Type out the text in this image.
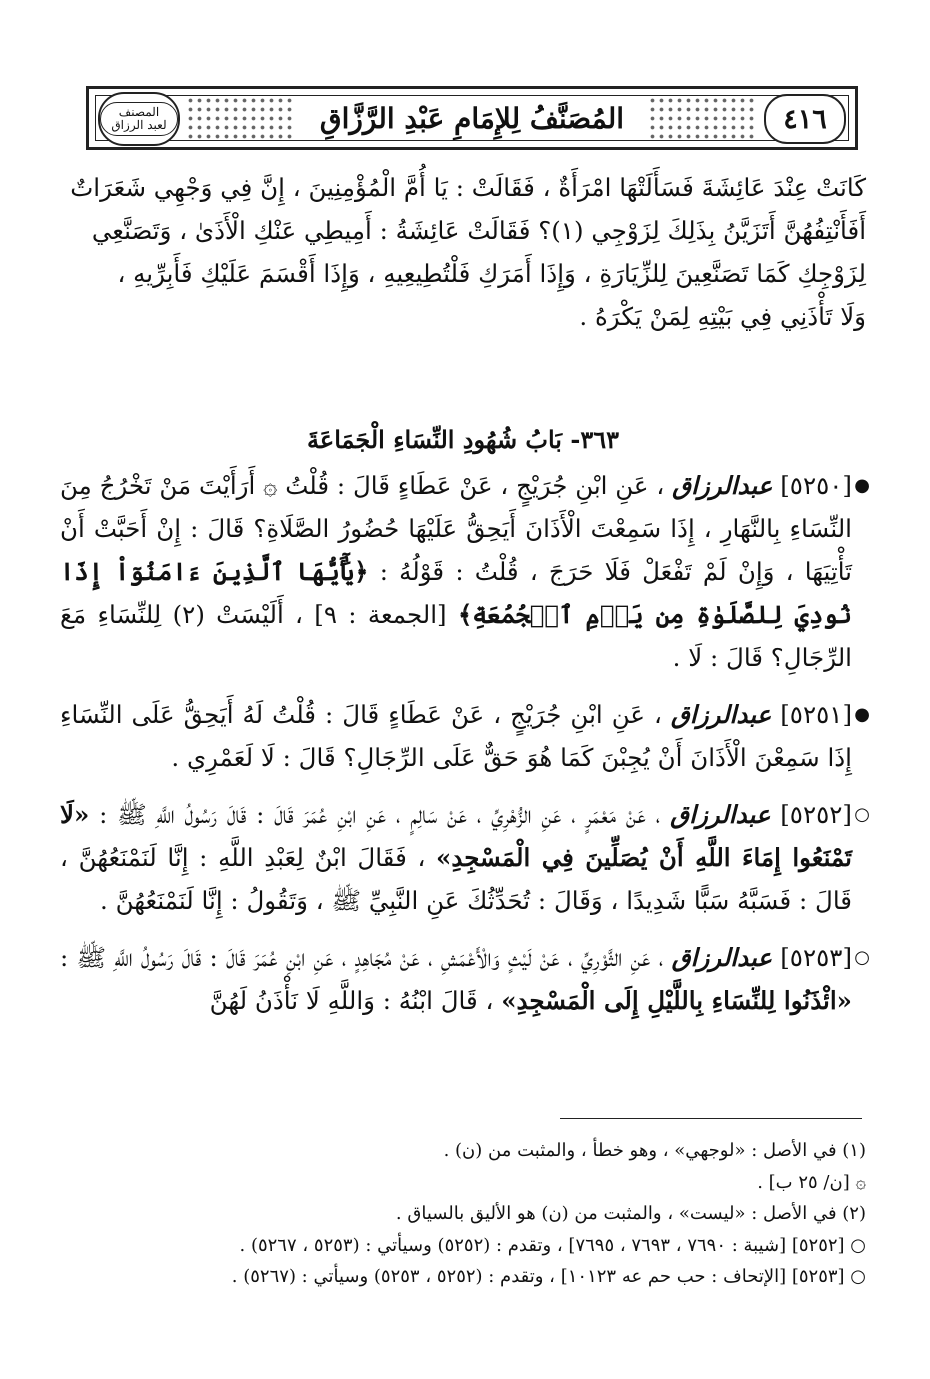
المصنف لعبد الرزاق	المُصَنَّفُ لِلإِمَامِ عَبْدِ الرَّزَّاقِ	٤١٦

كَانَتْ عِنْدَ عَائِشَةَ فَسَأَلَتْهَا امْرَأَةٌ ، فَقَالَتْ : يَا أُمَّ الْمُؤْمِنِينَ ، إِنَّ فِي وَجْهِي شَعَرَاتٌ

أَفَأَنْتِفُهُنَّ أَتَزَيَّنُ بِذَلِكَ لِزَوْجِي (١)؟ فَقَالَتْ عَائِشَةُ : أَمِيطِي عَنْكِ الْأَذَىٰ ، وَتَصَنَّعِي

لِزَوْجِكِ كَمَا تَصَنَّعِينَ لِلزِّيَارَةِ ، وَإِذَا أَمَرَكِ فَلْتُطِيعِيهِ ، وَإِذَا أَقْسَمَ عَلَيْكِ فَأَبِرِّيهِ ،

وَلَا تَأْذَنِي فِي بَيْتِهِ لِمَنْ يَكْرَهُ .

٣٦٣- بَابُ شُهُودِ النِّسَاءِ الْجَمَاعَةَ

●
[٥٢٥٠] عبدالرزاق ، عَنِ ابْنِ جُرَيْجٍ ، عَنْ عَطَاءٍ قَالَ : قُلْتُ ۞ أَرَأَيْتَ مَنْ تَخْرُجُ مِنَ النِّسَاءِ بِالنَّهَارِ ، إِذَا سَمِعْتَ الْأَذَانَ أَيَحِقُّ عَلَيْهَا حُضُورُ الصَّلَاةِ؟ قَالَ : إِنْ أَحَبَّتْ أَنْ تَأْتِيَهَا ، وَإِنْ لَمْ تَفْعَلْ فَلَا حَرَجَ ، قُلْتُ : قَوْلُهُ : ﴿يَٰٓأَيُّهَا ٱلَّذِينَ ءَامَنُوٓاْ إِذَا نُودِيَ لِلصَّلَوٰةِ مِن يَوۡمِ ٱلۡجُمُعَةِ﴾ [الجمعة : ٩] ، أَلَيْسَتْ (٢) لِلنِّسَاءِ مَعَ الرِّجَالِ؟ قَالَ : لَا .

●
[٥٢٥١] عبدالرزاق ، عَنِ ابْنِ جُرَيْجٍ ، عَنْ عَطَاءٍ قَالَ : قُلْتُ لَهُ أَيَحِقُّ عَلَى النِّسَاءِ إِذَا سَمِعْنَ الْأَذَانَ أَنْ يُجِبْنَ كَمَا هُوَ حَقٌّ عَلَى الرِّجَالِ؟ قَالَ : لَا لَعَمْرِي .

○
[٥٢٥٢] عبدالرزاق ، عَنْ مَعْمَرٍ ، عَنِ الزُّهْرِيِّ ، عَنْ سَالِمٍ ، عَنِ ابْنِ عُمَرَ قَالَ : قَالَ رَسُولُ اللَّهِ ﷺ : «لَا تَمْنَعُوا إِمَاءَ اللَّهِ أَنْ يُصَلِّينَ فِي الْمَسْجِدِ» ، فَقَالَ ابْنٌ لِعَبْدِ اللَّهِ : إِنَّا لَنَمْنَعُهُنَّ ، قَالَ : فَسَبَّهُ سَبًّا شَدِيدًا ، وَقَالَ : تُحَدِّثُكَ عَنِ النَّبِيِّ ﷺ ، وَتَقُولُ : إِنَّا لَنَمْنَعُهُنَّ .

○
[٥٢٥٣] عبدالرزاق ، عَنِ الثَّوْرِيِّ ، عَنْ لَيْثٍ وَالْأَعْمَشِ ، عَنْ مُجَاهِدٍ ، عَنِ ابْنِ عُمَرَ قَالَ : قَالَ رَسُولُ اللَّهِ ﷺ : «ائْذَنُوا لِلنِّسَاءِ بِاللَّيْلِ إِلَى الْمَسْجِدِ» ، قَالَ ابْنُهُ : وَاللَّهِ لَا نَأْذَنُ لَهُنَّ

(١) في الأصل : «لوجهي» ، وهو خطأ ، والمثبت من (ن) .
۞ [ن/ ٢٥ ب] .
(٢) في الأصل : «ليست» ، والمثبت من (ن) هو الأليق بالسياق .
○ [٥٢٥٢] [شيبة : ٧٦٩٠ ، ٧٦٩٣ ، ٧٦٩٥] ، وتقدم : (٥٢٥٢) وسيأتي : (٥٢٥٣ ، ٥٢٦٧) .
○ [٥٢٥٣] [الإتحاف : حب حم عه ١٠١٢٣] ، وتقدم : (٥٢٥٢ ، ٥٢٥٣) وسيأتي : (٥٢٦٧) .
